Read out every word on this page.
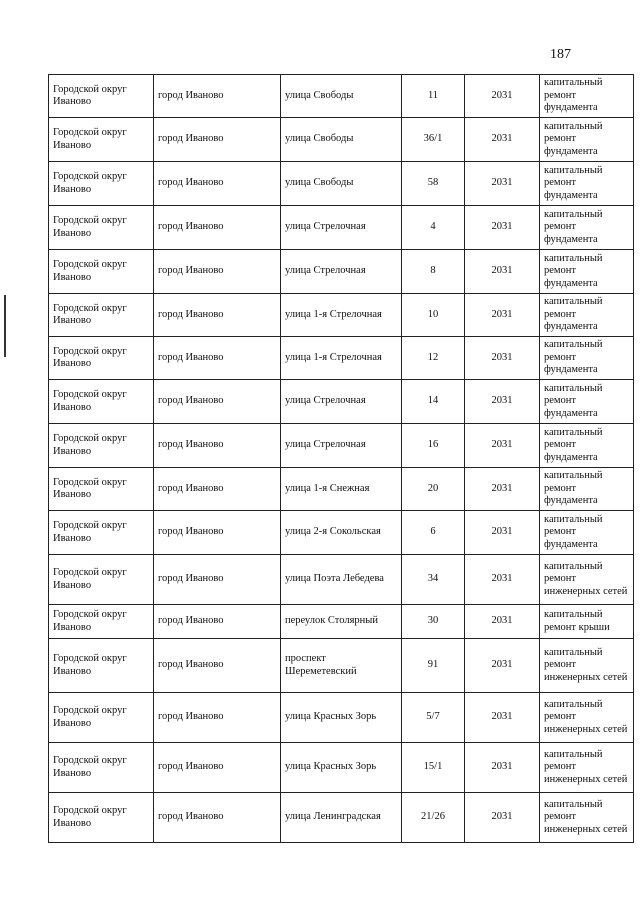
187
Городской округ Иваново	город Иваново	улица Свободы	11	2031	капитальный ремонт фундамента
Городской округ Иваново	город Иваново	улица Свободы	36/1	2031	капитальный ремонт фундамента
Городской округ Иваново	город Иваново	улица Свободы	58	2031	капитальный ремонт фундамента
Городской округ Иваново	город Иваново	улица Стрелочная	4	2031	капитальный ремонт фундамента
Городской округ Иваново	город Иваново	улица Стрелочная	8	2031	капитальный ремонт фундамента
Городской округ Иваново	город Иваново	улица 1-я Стрелочная	10	2031	капитальный ремонт фундамента
Городской округ Иваново	город Иваново	улица 1-я Стрелочная	12	2031	капитальный ремонт фундамента
Городской округ Иваново	город Иваново	улица Стрелочная	14	2031	капитальный ремонт фундамента
Городской округ Иваново	город Иваново	улица Стрелочная	16	2031	капитальный ремонт фундамента
Городской округ Иваново	город Иваново	улица 1-я Снежная	20	2031	капитальный ремонт фундамента
Городской округ Иваново	город Иваново	улица 2-я Сокольская	6	2031	капитальный ремонт фундамента
Городской округ Иваново	город Иваново	улица Поэта Лебедева	34	2031	капитальный ремонт инженерных сетей
Городской округ Иваново	город Иваново	переулок Столярный	30	2031	капитальный ремонт крыши
Городской округ Иваново	город Иваново	проспект Шереметевский	91	2031	капитальный ремонт инженерных сетей
Городской округ Иваново	город Иваново	улица Красных Зорь	5/7	2031	капитальный ремонт инженерных сетей
Городской округ Иваново	город Иваново	улица Красных Зорь	15/1	2031	капитальный ремонт инженерных сетей
Городской округ Иваново	город Иваново	улица Ленинградская	21/26	2031	капитальный ремонт инженерных сетей
